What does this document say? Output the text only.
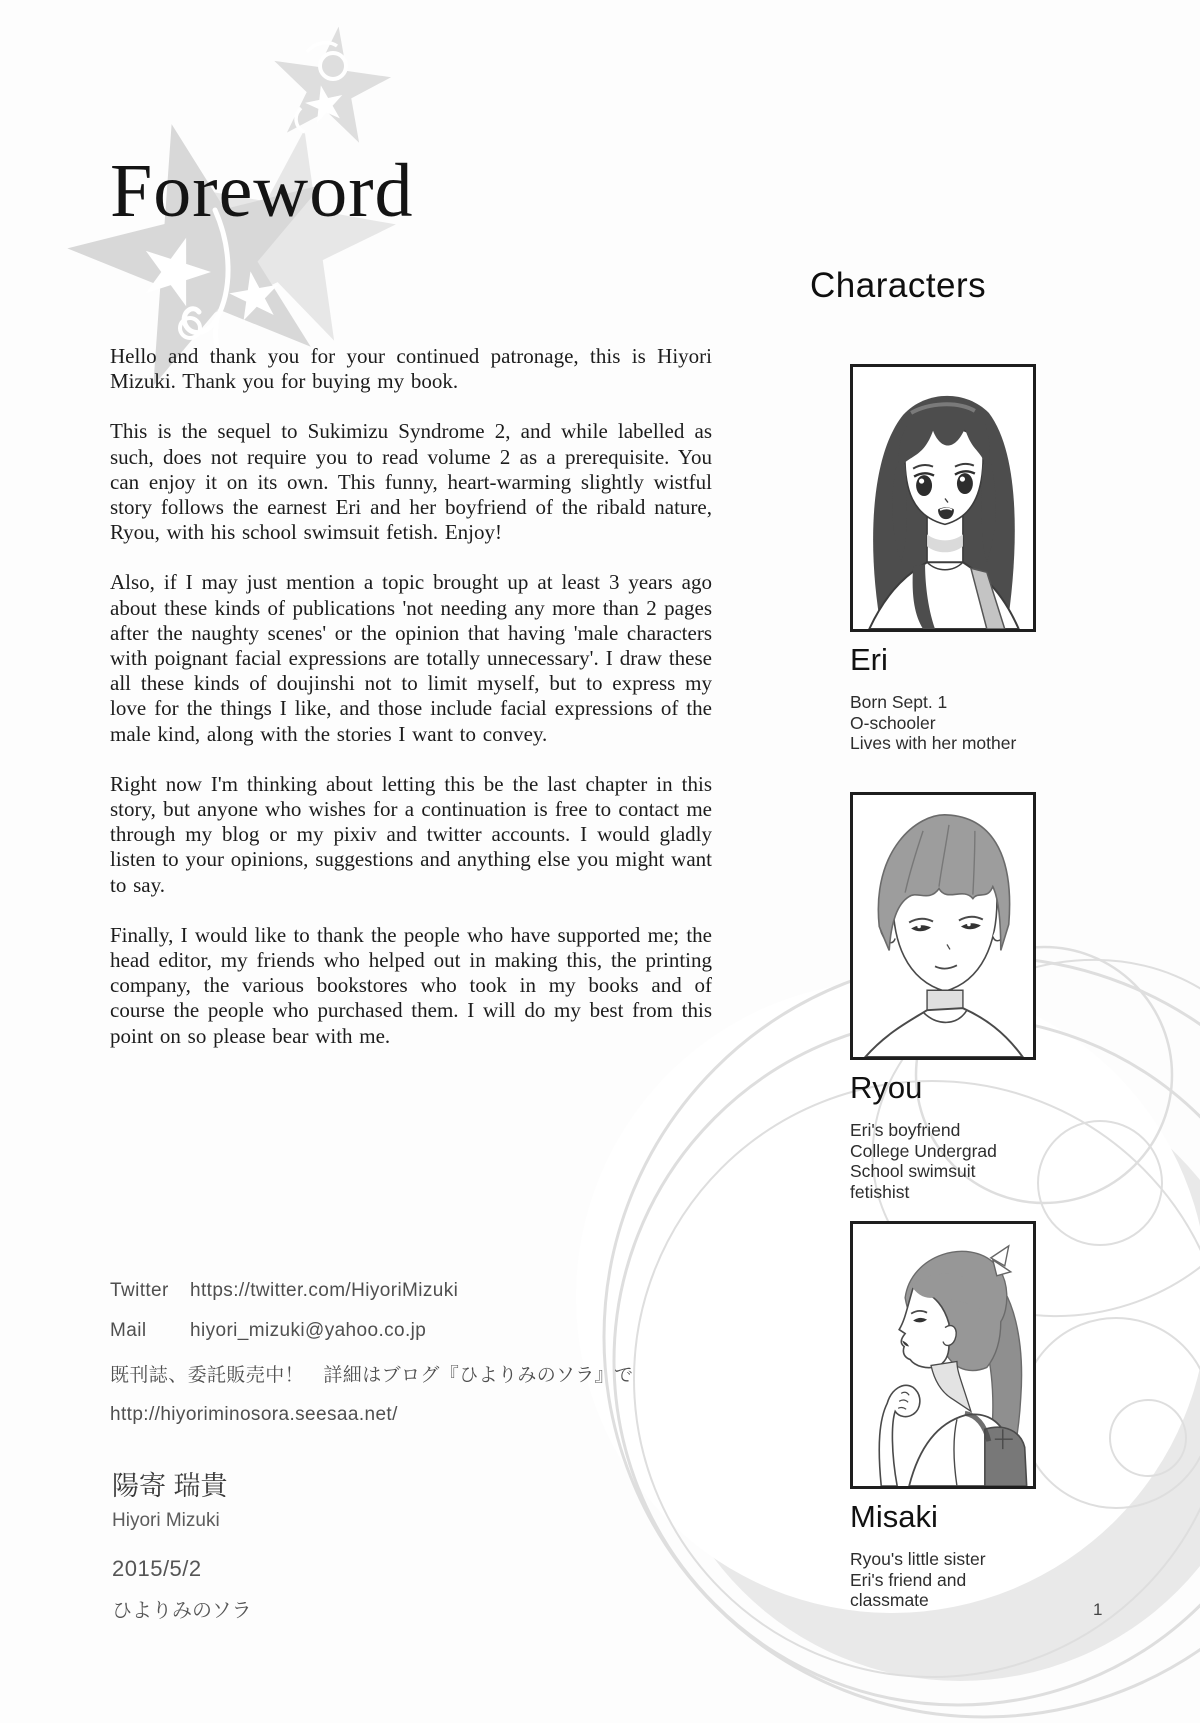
Foreword

Hello and thank you for your continued patronage, this is Hiyori Mizuki. Thank you for buying my book.

This is the sequel to Sukimizu Syndrome 2, and while labelled as such, does not require you to read volume 2 as a prerequisite. You can enjoy it on its own. This funny, heart-warming slightly wistful story follows the earnest Eri and her boyfriend of the ribald nature, Ryou, with his school swimsuit fetish. Enjoy!

Also, if I may just mention a topic brought up at least 3 years ago about these kinds of publications 'not needing any more than 2 pages after the naughty scenes' or the opinion that having 'male characters with poignant facial expressions are totally unnecessary'. I draw these all these kinds of doujinshi not to limit myself, but to express my love for the things I like, and those include facial expressions of the male kind, along with the stories I want to convey.

Right now I'm thinking about letting this be the last chapter in this story, but anyone who wishes for a continuation is free to contact me through my blog or my pixiv and twitter accounts. I would gladly listen to your opinions, suggestions and anything else you might want to say.

Finally, I would like to thank the people who have supported me; the head editor, my friends who helped out in making this, the printing company, the various bookstores who took in my books and of course the people who purchased them. I will do my best from this point on so please bear with me.

Twitter	https://twitter.com/HiyoriMizuki
Mail	hiyori_mizuki@yahoo.co.jp
既刊誌、委託販売中！　詳細はブログ『ひよりみのソラ』で
http://hiyoriminosora.seesaa.net/
陽寄 瑞貴
Hiyori Mizuki
2015/5/2
ひよりみのソラ
Characters
Eri
Born Sept. 1
O-schooler
Lives with her mother
Ryou
Eri's boyfriend
College Undergrad
School swimsuit fetishist
Misaki
Ryou's little sister
Eri's friend and classmate	1
